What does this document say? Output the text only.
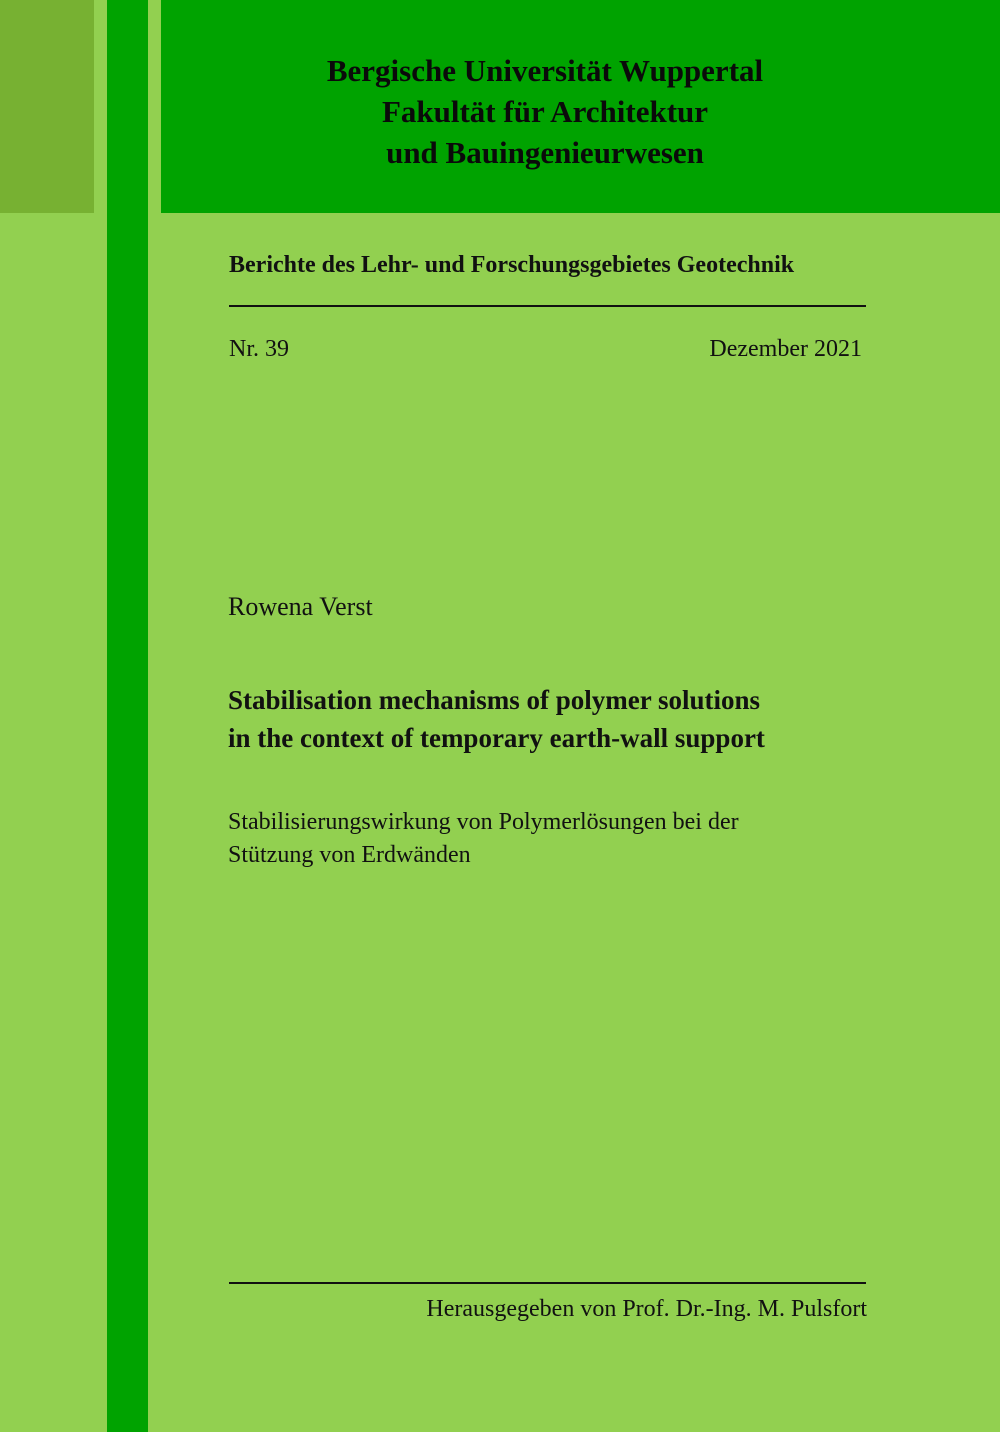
Bergische Universität Wuppertal
Fakultät für Architektur
und Bauingenieurwesen
Berichte des Lehr- und Forschungsgebietes Geotechnik
Nr. 39	Dezember 2021
Rowena Verst
Stabilisation mechanisms of polymer solutions
in the context of temporary earth-wall support
Stabilisierungswirkung von Polymerlösungen bei der
Stützung von Erdwänden
Herausgegeben von Prof. Dr.-Ing. M. Pulsfort
